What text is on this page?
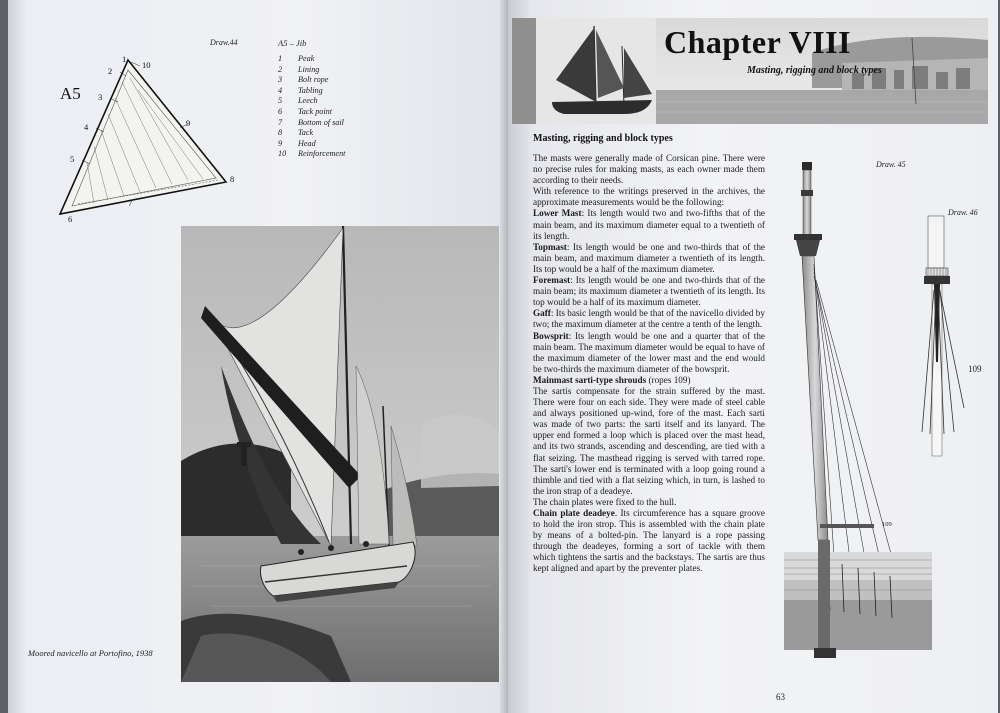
Draw.44	A5 – Jib
1	Peak
2	Lining
3	Bolt rope
4	Tabling
5	Leech
6	Tack point
7	Bottom of sail
8	Tack
9	Head
10	Reinforcement
A5
1
2
3
4
5
6
7
8
9
10
Moored navicello at Portofino, 1938
Chapter VIII
Masting, rigging and block types
Masting, rigging and block types

The masts were generally made of Corsican pine. There were no precise rules for making masts, as each owner made them according to their needs.

With reference to the writings preserved in the archives, the approximate measurements would be the following:

Lower Mast: Its length would two and two-fifths that of the main beam, and its maximum diameter equal to a twentieth of its length.

Topmast: Its length would be one and two-thirds that of the main beam, and maximum diameter a twentieth of its length. Its top would be a half of the maximum diameter.

Foremast: Its length would be one and two-thirds that of the main beam; its maximum diameter a twentieth of its length. Its top would be a half of its maximum diameter.

Gaff: Its basic length would be that of the navicello divided by two; the maximum diameter at the centre a tenth of the length.

Bowsprit: Its length would be one and a quarter that of the main beam. The maximum diameter would be equal to have of the maximum diameter of the lower mast and the end would be two-thirds the maximum diameter of the bowsprit.

Mainmast sarti-type shrouds (ropes 109)

The sartis compensate for the strain suffered by the mast. There were four on each side. They were made of steel cable and always positioned up-wind, fore of the mast. Each sarti was made of two parts: the sarti itself and its lanyard. The upper end formed a loop which is placed over the mast head, and its two strands, ascending and descending, are tied with a flat seizing. The masthead rigging is served with tarred rope. The sarti's lower end is terminated with a loop going round a thimble and tied with a flat seizing which, in turn, is lashed to the iron strap of a deadeye.

The chain plates were fixed to the hull.

Chain plate deadeye. Its circumference has a square groove to hold the iron strop. This is assembled with the chain plate by means of a bolted-pin. The lanyard is a rope passing through the deadeyes, forming a sort of tackle with them which tightens the sartis and the backstays. The sartis are thus kept aligned and apart by the preventer plates.

Draw. 45
109
Draw. 46
109
63
